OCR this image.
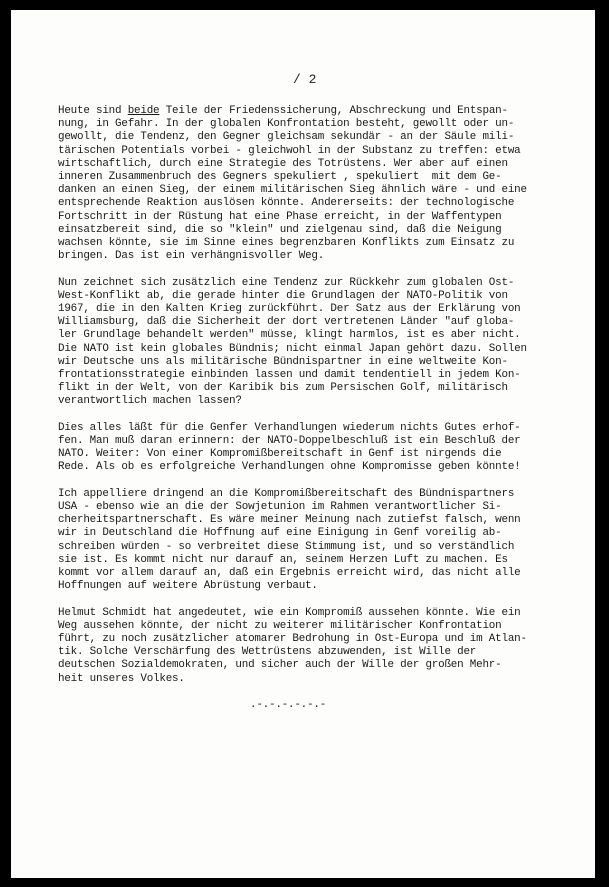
/ 2
Heute sind beide Teile der Friedenssicherung, Abschreckung und Entspan-
nung, in Gefahr. In der globalen Konfrontation besteht, gewollt oder un-
gewollt, die Tendenz, den Gegner gleichsam sekundär - an der Säule mili-
tärischen Potentials vorbei - gleichwohl in der Substanz zu treffen: etwa
wirtschaftlich, durch eine Strategie des Totrüstens. Wer aber auf einen
inneren Zusammenbruch des Gegners spekuliert , spekuliert  mit dem Ge-
danken an einen Sieg, der einem militärischen Sieg ähnlich wäre - und eine
entsprechende Reaktion auslösen könnte. Andererseits: der technologische
Fortschritt in der Rüstung hat eine Phase erreicht, in der Waffentypen
einsatzbereit sind, die so "klein" und zielgenau sind, daß die Neigung
wachsen könnte, sie im Sinne eines begrenzbaren Konflikts zum Einsatz zu
bringen. Das ist ein verhängnisvoller Weg.
Nun zeichnet sich zusätzlich eine Tendenz zur Rückkehr zum globalen Ost-
West-Konflikt ab, die gerade hinter die Grundlagen der NATO-Politik von
1967, die in den Kalten Krieg zurückführt. Der Satz aus der Erklärung von
Williamsburg, daß die Sicherheit der dort vertretenen Länder "auf globa-
ler Grundlage behandelt werden" müsse, klingt harmlos, ist es aber nicht.
Die NATO ist kein globales Bündnis; nicht einmal Japan gehört dazu. Sollen
wir Deutsche uns als militärische Bündnispartner in eine weltweite Kon-
frontationsstrategie einbinden lassen und damit tendentiell in jedem Kon-
flikt in der Welt, von der Karibik bis zum Persischen Golf, militärisch
verantwortlich machen lassen?
Dies alles läßt für die Genfer Verhandlungen wiederum nichts Gutes erhof-
fen. Man muß daran erinnern: der NATO-Doppelbeschluß ist ein Beschluß der
NATO. Weiter: Von einer Kompromißbereitschaft in Genf ist nirgends die
Rede. Als ob es erfolgreiche Verhandlungen ohne Kompromisse geben könnte!
Ich appelliere dringend an die Kompromißbereitschaft des Bündnispartners
USA - ebenso wie an die der Sowjetunion im Rahmen verantwortlicher Si-
cherheitspartnerschaft. Es wäre meiner Meinung nach zutiefst falsch, wenn
wir in Deutschland die Hoffnung auf eine Einigung in Genf voreilig ab-
schreiben würden - so verbreitet diese Stimmung ist, und so verständlich
sie ist. Es kommt nicht nur darauf an, seinem Herzen Luft zu machen. Es
kommt vor allem darauf an, daß ein Ergebnis erreicht wird, das nicht alle
Hoffnungen auf weitere Abrüstung verbaut.
Helmut Schmidt hat angedeutet, wie ein Kompromiß aussehen könnte. Wie ein
Weg aussehen könnte, der nicht zu weiterer militärischer Konfrontation
führt, zu noch zusätzlicher atomarer Bedrohung in Ost-Europa und im Atlan-
tik. Solche Verschärfung des Wettrüstens abzuwenden, ist Wille der
deutschen Sozialdemokraten, und sicher auch der Wille der großen Mehr-
heit unseres Volkes.
.-.-.-.-.-.-
